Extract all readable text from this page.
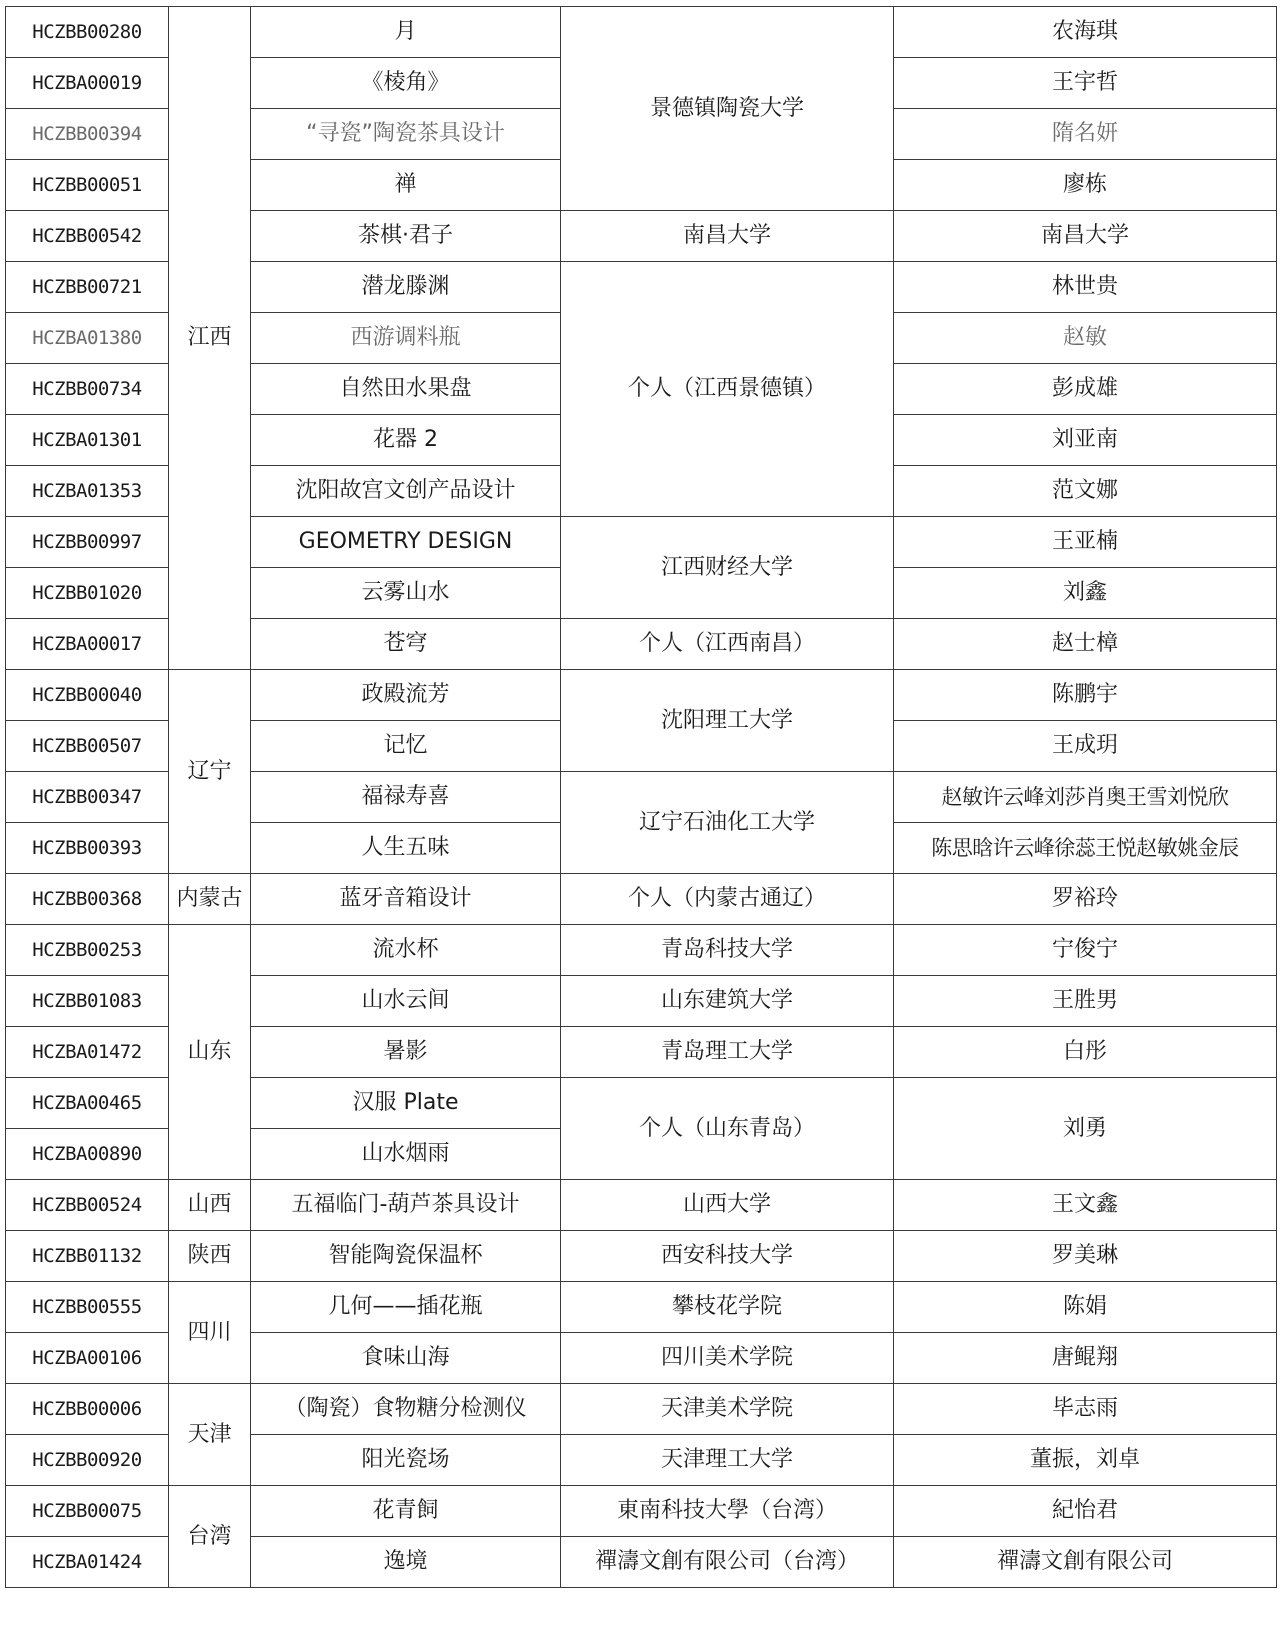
HCZBB00280	江西	月	景德镇陶瓷大学	农海琪
HCZBA00019		《棱角》		王宇哲
HCZBB00394		“寻瓷”陶瓷茶具设计		隋名妍
HCZBB00051		禅		廖栋
HCZBB00542		茶棋·君子	南昌大学	南昌大学
HCZBB00721		潜龙滕渊	个人（江西景德镇）	林世贵
HCZBA01380		西游调料瓶		赵敏
HCZBB00734		自然田水果盘		彭成雄
HCZBA01301		花器 2		刘亚南
HCZBA01353		沈阳故宫文创产品设计		范文娜
HCZBB00997		GEOMETRY DESIGN	江西财经大学	王亚楠
HCZBB01020		云雾山水		刘鑫
HCZBA00017		苍穹	个人（江西南昌）	赵士樟
HCZBB00040	辽宁	政殿流芳	沈阳理工大学	陈鹏宇
HCZBB00507		记忆		王成玥
HCZBB00347		福禄寿喜	辽宁石油化工大学	赵敏许云峰刘莎肖奥王雪刘悦欣
HCZBB00393		人生五味		陈思晗许云峰徐蕊王悦赵敏姚金辰
HCZBB00368	内蒙古	蓝牙音箱设计	个人（内蒙古通辽）	罗裕玲
HCZBB00253	山东	流水杯	青岛科技大学	宁俊宁
HCZBB01083		山水云间	山东建筑大学	王胜男
HCZBA01472		暑影	青岛理工大学	白彤
HCZBA00465		汉服 Plate	个人（山东青岛）	刘勇
HCZBA00890		山水烟雨		
HCZBB00524	山西	五福临门-葫芦茶具设计	山西大学	王文鑫
HCZBB01132	陕西	智能陶瓷保温杯	西安科技大学	罗美琳
HCZBB00555	四川	几何——插花瓶	攀枝花学院	陈娟
HCZBA00106		食味山海	四川美术学院	唐鲲翔
HCZBB00006	天津	（陶瓷）食物糖分检测仪	天津美术学院	毕志雨
HCZBB00920		阳光瓷场	天津理工大学	董振，刘卓
HCZBB00075	台湾	花青飼	東南科技大學（台湾）	紀怡君
HCZBA01424		逸境	禪濤文創有限公司（台湾）	禪濤文創有限公司
